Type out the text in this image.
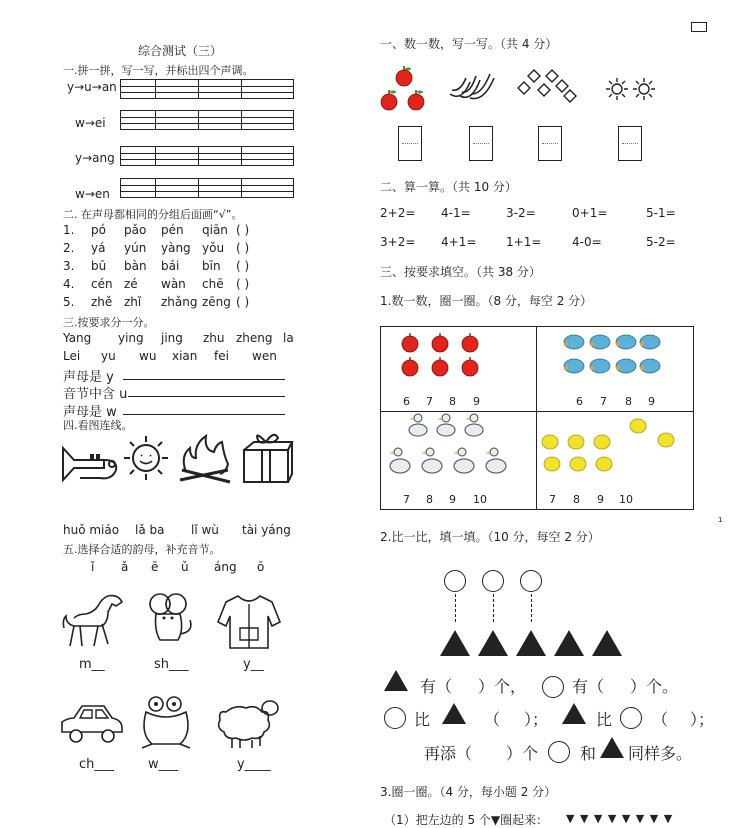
综合测试（三）
一.拼一拼，写一写，并标出四个声调。
y→u→an
w→ei
y→ang
w→en
二. 在声母都相同的分组后面画“√”。
1. pó pǎo pén qiān ( )
2. yá yún yàng yǒu ( )
3. bū bàn bái bīn ( )
4. cén zé wàn chē ( )
5. zhě zhǐ zhǎng zēng ( )
三.按要求分一分。
Yang ying jing zhu zheng la
Lei yu wu xian fei wen
声母是 y
音节中含 u
声母是 w
四.看图连线。
huǒ miáo lǎ ba lǐ wù tài yáng
五.选择合适的韵母，补充音节。
ǐ ǎ ē ǔ áng ō
m__	sh___	y__
ch___	w___	y____
一、数一数，写一写。（共 4 分）
二、算一算。（共 10 分）
2+2= 4-1=	3-2=	0+1=	5-1=
3+2= 4+1= 1+1=	4-0=	5-2=
三、按要求填空。（共 38 分）
1.数一数，圈一圈。（8 分，每空 2 分）
6 7 8 9	6 7 8 9
7 8 9 10	7 8 9 10
1
2.比一比，填一填。（10 分，每空 2 分）
有（ ）个，	有（ ）个。
比	（ ）；	比 （ ）；
再添（ ）个	和 同样多。
3.圈一圈。（4 分，每小题 2 分）
（1）把左边的 5 个▼圈起来： ▼ ▼ ▼ ▼ ▼ ▼ ▼ ▼
